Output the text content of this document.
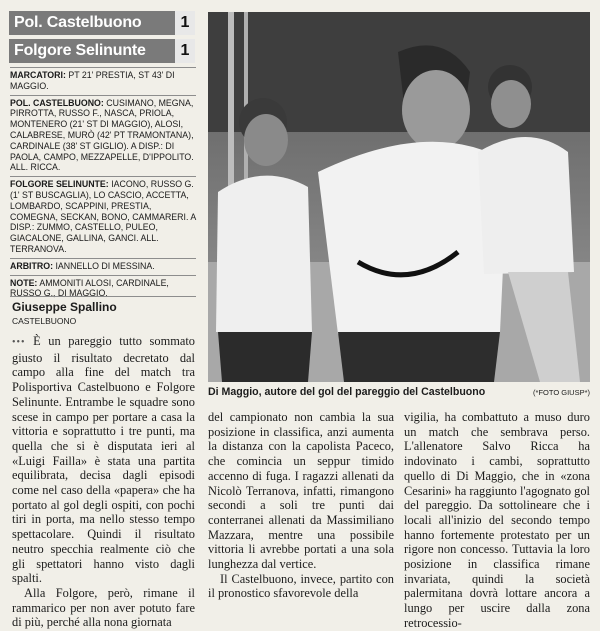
Pol. Castelbuono	1
Folgore Selinunte	1
MARCATORI: PT 21' PRESTIA, ST 43' DI MAGGIO.
POL. CASTELBUONO: CUSIMANO, MEGNA, PIRROTTA, RUSSO F., NASCA, PRIOLA, MONTENERO (21' ST DI MAGGIO), ALOSI, CALABRESE, MURÒ (42' PT TRAMONTANA), CARDINALE (38' ST GIGLIO). A DISP.: DI PAOLA, CAMPO, MEZZAPELLE, D'IPPOLITO. ALL. RICCA.
FOLGORE SELINUNTE: IACONO, RUSSO G. (1' ST BUSCAGLIA), LO CASCIO, ACCETTA, LOMBARDO, SCAPPINI, PRESTIA, COMEGNA, SECKAN, BONO, CAMMARERI. A DISP.: ZUMMO, CASTELLO, PULEO, GIACALONE, GALLINA, GANCI. ALL. TERRANOVA.
ARBITRO: IANNELLO DI MESSINA.
NOTE: AMMONITI ALOSI, CARDINALE, RUSSO G., DI MAGGIO.
Giuseppe Spallino
CASTELBUONO

••• È un pareggio tutto sommato giusto il risultato decretato dal campo alla fine del match tra Polisportiva Castelbuono e Folgore Selinunte. Entrambe le squadre sono scese in campo per portare a casa la vittoria e soprattutto i tre punti, ma quella che si è disputata ieri al «Luigi Failla» è stata una partita equilibrata, decisa dagli episodi come nel caso della «papera» che ha portato al gol degli ospiti, con pochi tiri in porta, ma nello stesso tempo spettacolare. Quindi il risultato neutro specchia realmente ciò che gli spettatori hanno visto dagli spalti.

Alla Folgore, però, rimane il rammarico per non aver potuto fare di più, perché alla nona giornata

del campionato non cambia la sua posizione in classifica, anzi aumenta la distanza con la capolista Paceco, che comincia un seppur timido accenno di fuga. I ragazzi allenati da Nicolò Terranova, infatti, rimangono secondi a soli tre punti dai conterranei allenati da Massimiliano Mazzara, mentre una possibile vittoria li avrebbe portati a una sola lunghezza dal vertice.

Il Castelbuono, invece, partito con il pronostico sfavorevole della

vigilia, ha combattuto a muso duro un match che sembrava perso. L'allenatore Salvo Ricca ha indovinato i cambi, soprattutto quello di Di Maggio, che in «zona Cesarini» ha raggiunto l'agognato gol del pareggio. Da sottolineare che i locali all'inizio del secondo tempo hanno fortemente protestato per un rigore non concesso. Tuttavia la loro posizione in classifica rimane invariata, quindi la società palermitana dovrà lottare ancora a lungo per uscire dalla zona retrocessio-

Di Maggio, autore del gol del pareggio del Castelbuono	(*FOTO GIUSP*)
